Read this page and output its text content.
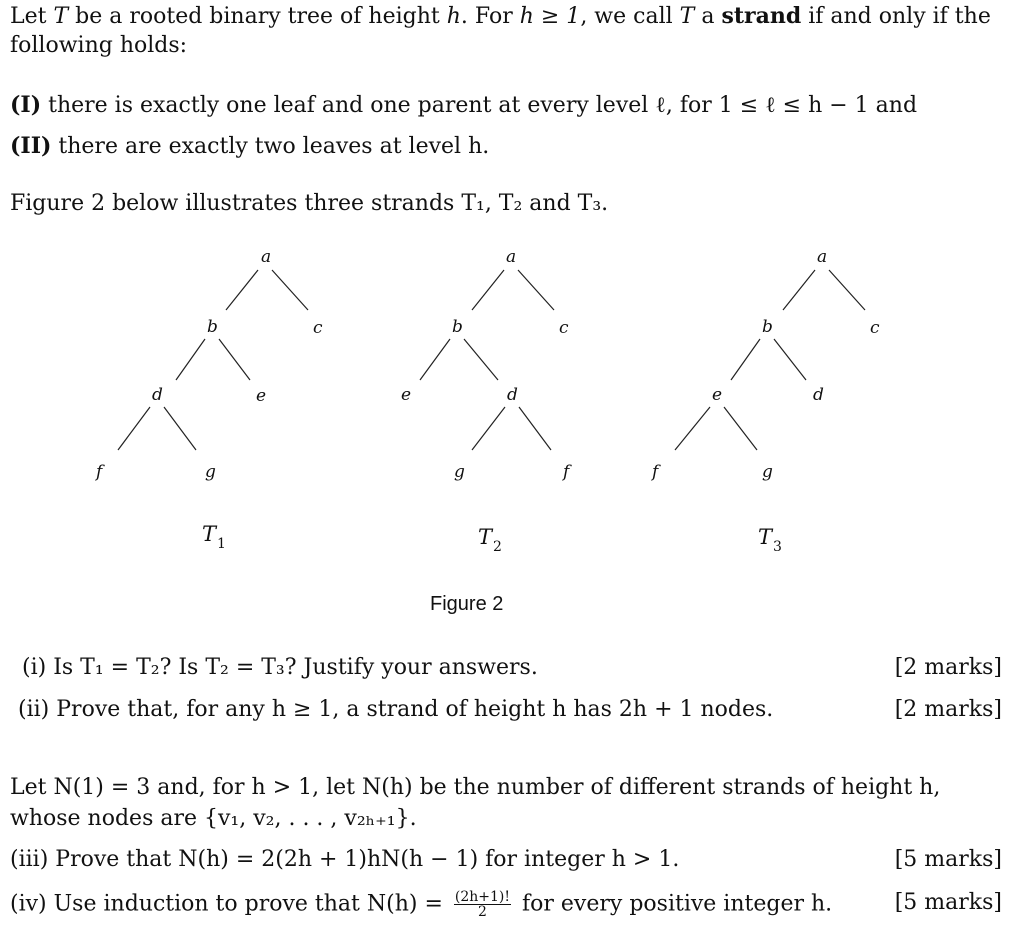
Let T be a rooted binary tree of height h. For h ≥ 1, we call T a strand if and only if the
following holds:
(I) there is exactly one leaf and one parent at every level ℓ, for 1 ≤ ℓ ≤ h − 1 and
(II) there are exactly two leaves at level h.
Figure 2 below illustrates three strands T₁, T₂ and T₃.
a
b	c
d	e
f	g
$T_1$
a
b	c
e	d
g	f
$T_2$
a
b	c
e	d
f	g
$T_3$
Figure 2
(i) Is T₁ = T₂? Is T₂ = T₃? Justify your answers.	[2 marks]
(ii) Prove that, for any h ≥ 1, a strand of height h has 2h + 1 nodes.	[2 marks]
Let N(1) = 3 and, for h > 1, let N(h) be the number of different strands of height h,
whose nodes are {v₁, v₂, . . . , v₂ₕ₊₁}.
(iii) Prove that N(h) = 2(2h + 1)hN(h − 1) for integer h > 1.	[5 marks]
(iv) Use induction to prove that $N(h) = \frac{(2h+1)!}{2}$ for every positive integer h.	[5 marks]
